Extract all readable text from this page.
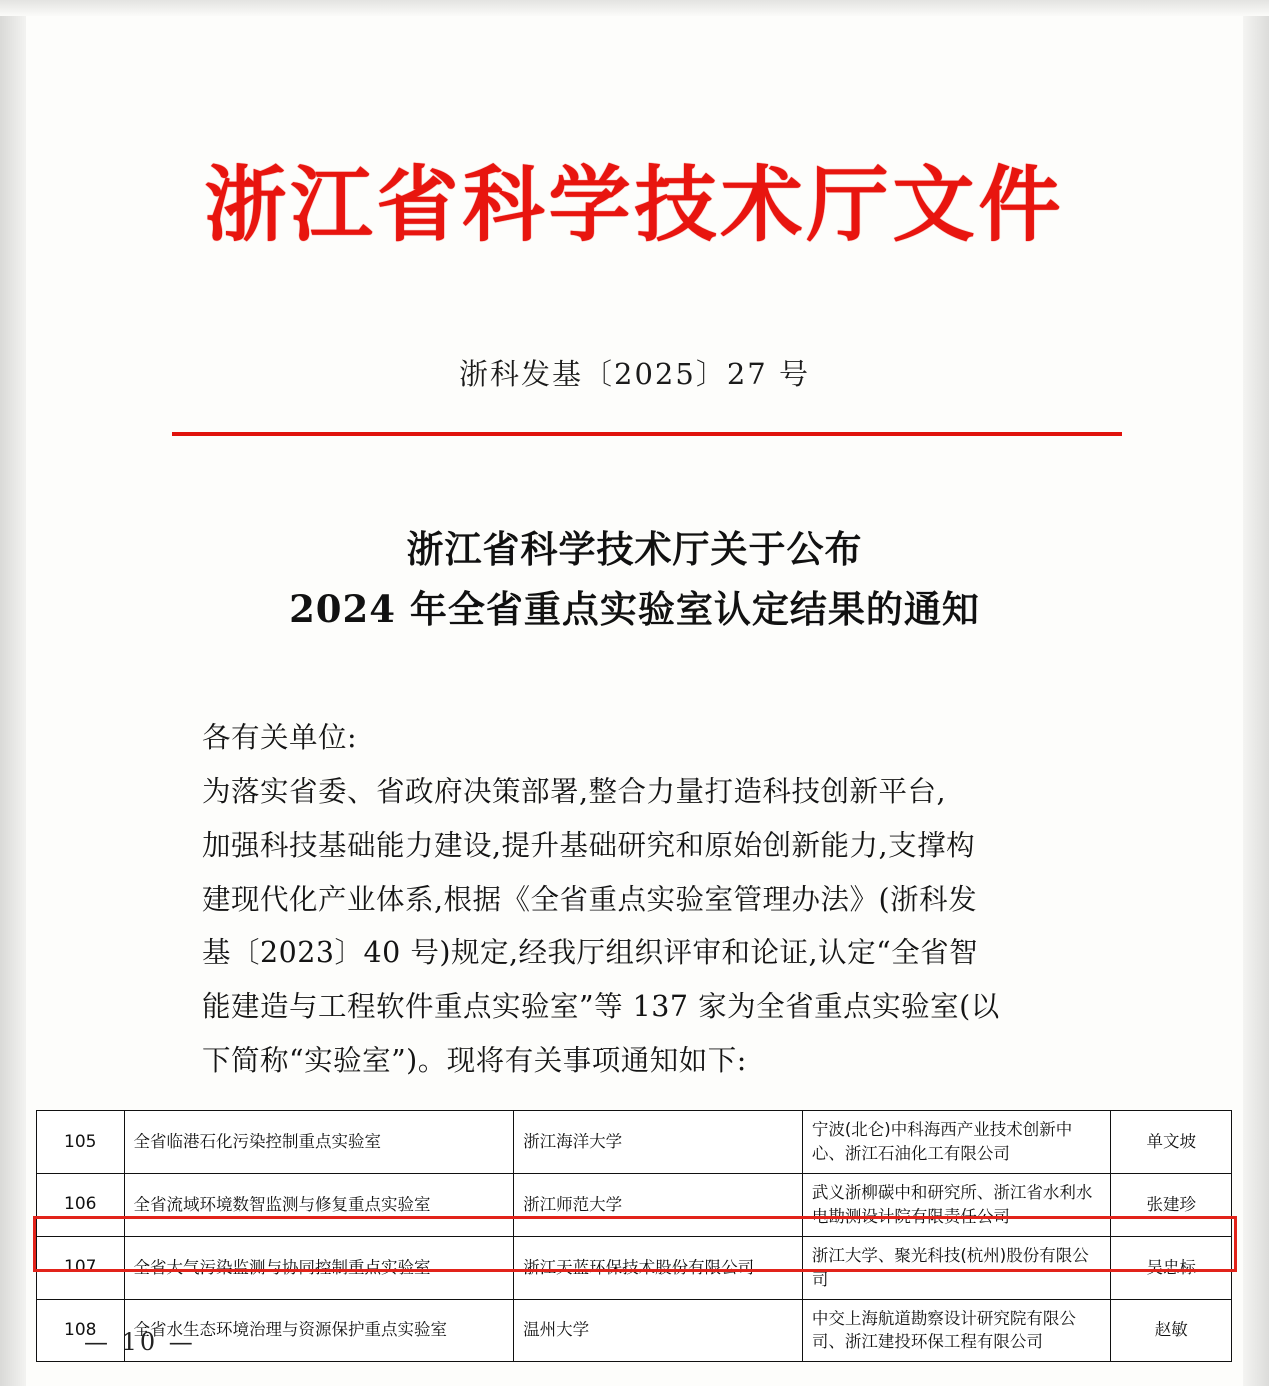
浙江省科学技术厅文件
浙科发基〔2025〕27 号
浙江省科学技术厅关于公布
2024 年全省重点实验室认定结果的通知

各有关单位:

为落实省委、省政府决策部署,整合力量打造科技创新平台,

加强科技基础能力建设,提升基础研究和原始创新能力,支撑构

建现代化产业体系,根据《全省重点实验室管理办法》(浙科发

基〔2023〕40 号)规定,经我厅组织评审和论证,认定“全省智

能建造与工程软件重点实验室”等 137 家为全省重点实验室(以

下简称“实验室”)。现将有关事项通知如下:

105	全省临港石化污染控制重点实验室	浙江海洋大学	宁波(北仑)中科海西产业技术创新中心、浙江石油化工有限公司	单文坡
106	全省流域环境数智监测与修复重点实验室	浙江师范大学	武义浙柳碳中和研究所、浙江省水利水电勘测设计院有限责任公司	张建珍
107	全省大气污染监测与协同控制重点实验室	浙江天蓝环保技术股份有限公司	浙江大学、聚光科技(杭州)股份有限公司	吴忠标
108	全省水生态环境治理与资源保护重点实验室	温州大学	中交上海航道勘察设计研究院有限公司、浙江建投环保工程有限公司	赵敏
— 10 —
